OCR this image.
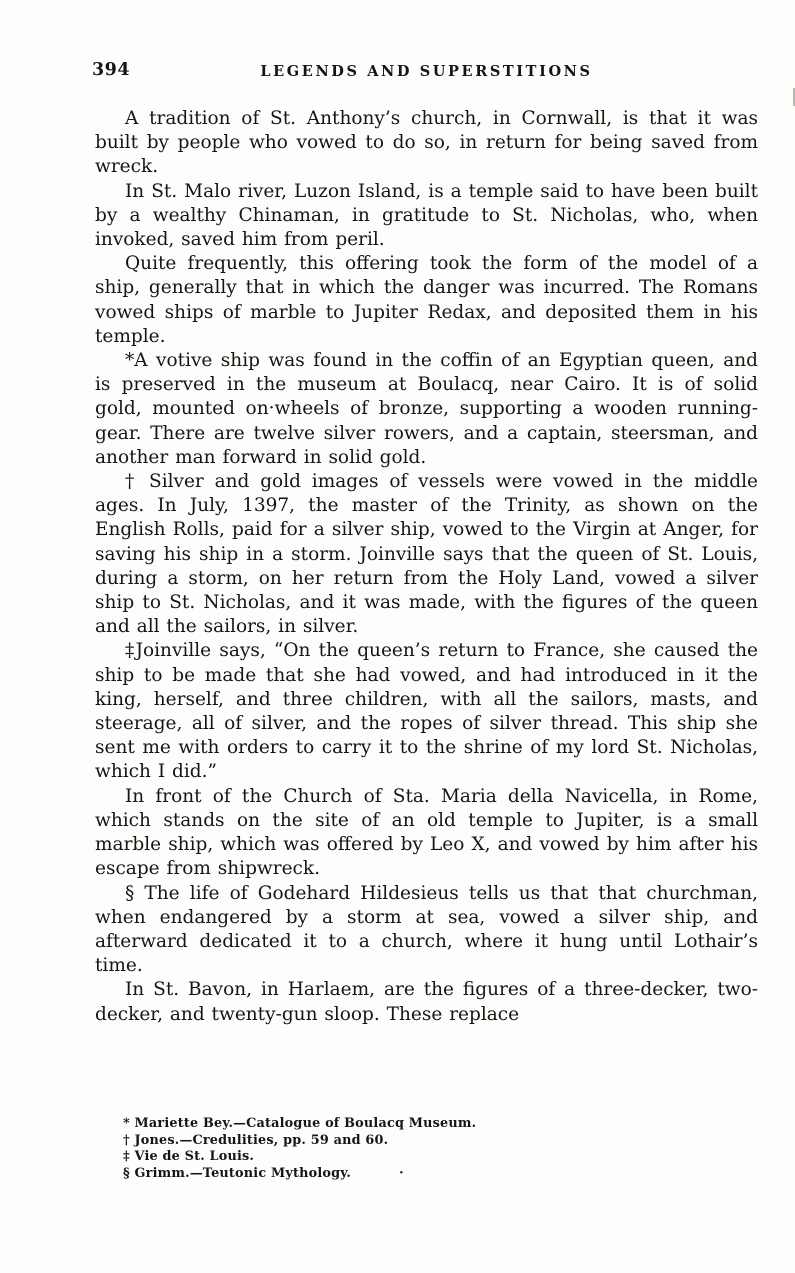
394	LEGENDS AND SUPERSTITIONS

A tradition of St. Anthony’s church, in Cornwall, is that it was built by people who vowed to do so, in return for being saved from wreck.

In St. Malo river, Luzon Island, is a temple said to have been built by a wealthy Chinaman, in gratitude to St. Nicholas, who, when invoked, saved him from peril.

Quite frequently, this offering took the form of the model of a ship, generally that in which the danger was incurred. The Romans vowed ships of marble to Jupiter Redax, and deposited them in his temple.

*A votive ship was found in the coffin of an Egyptian queen, and is preserved in the museum at Boulacq, near Cairo. It is of solid gold, mounted on·wheels of bronze, supporting a wooden running-gear. There are twelve silver rowers, and a captain, steersman, and another man forward in solid gold.

† Silver and gold images of vessels were vowed in the middle ages. In July, 1397, the master of the Trinity, as shown on the English Rolls, paid for a silver ship, vowed to the Virgin at Anger, for saving his ship in a storm. Joinville says that the queen of St. Louis, during a storm, on her return from the Holy Land, vowed a silver ship to St. Nicholas, and it was made, with the figures of the queen and all the sailors, in silver.

‡Joinville says, “On the queen’s return to France, she caused the ship to be made that she had vowed, and had introduced in it the king, herself, and three children, with all the sailors, masts, and steerage, all of silver, and the ropes of silver thread. This ship she sent me with orders to carry it to the shrine of my lord St. Nicholas, which I did.”

In front of the Church of Sta. Maria della Navicella, in Rome, which stands on the site of an old temple to Jupiter, is a small marble ship, which was offered by Leo X, and vowed by him after his escape from shipwreck.

§ The life of Godehard Hildesieus tells us that that churchman, when endangered by a storm at sea, vowed a silver ship, and afterward dedicated it to a church, where it hung until Lothair’s time.

In St. Bavon, in Harlaem, are the figures of a three-decker, two-decker, and twenty-gun sloop. These replace

* Mariette Bey.—Catalogue of Boulacq Museum.
† Jones.—Credulities, pp. 59 and 60.
‡ Vie de St. Louis.
§ Grimm.—Teutonic Mythology.	·
